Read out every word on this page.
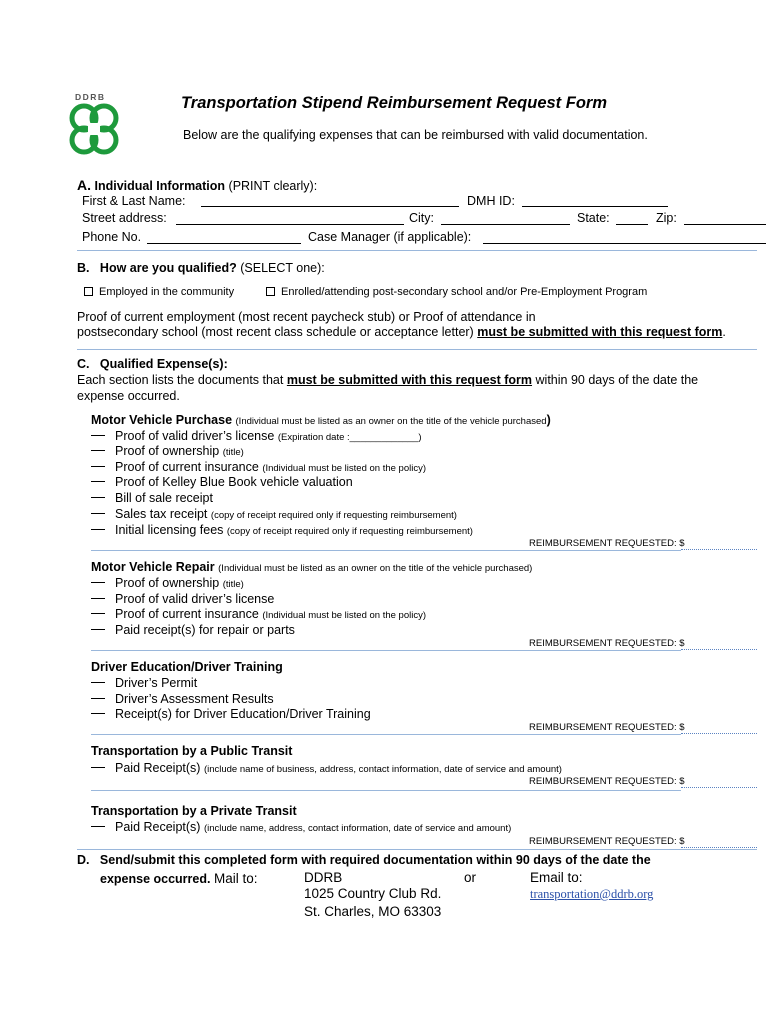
DDRB	Transportation Stipend Reimbursement Request Form
Below are the qualifying expenses that can be reimbursed with valid documentation.
A. Individual Information (PRINT clearly):
First & Last Name:	DMH ID:
Street address:	City:	State:	Zip:
Phone No.	Case Manager (if applicable):
B. How are you qualified? (SELECT one):
Employed in the community	Enrolled/attending post-secondary school and/or Pre-Employment Program
Proof of current employment (most recent paycheck stub) or Proof of attendance in
postsecondary school (most recent class schedule or acceptance letter) must be submitted with this request form.
C. Qualified Expense(s):
Each section lists the documents that must be submitted with this request form within 90 days of the date the
expense occurred.
Motor Vehicle Purchase (Individual must be listed as an owner on the title of the vehicle purchased)
Proof of valid driver’s license (Expiration date :_____________)
Proof of ownership (title)
Proof of current insurance (Individual must be listed on the policy)
Proof of Kelley Blue Book vehicle valuation
Bill of sale receipt
Sales tax receipt (copy of receipt required only if requesting reimbursement)
Initial licensing fees (copy of receipt required only if requesting reimbursement)
REIMBURSEMENT REQUESTED: $
Motor Vehicle Repair (Individual must be listed as an owner on the title of the vehicle purchased)
Proof of ownership (title)
Proof of valid driver’s license
Proof of current insurance (Individual must be listed on the policy)
Paid receipt(s) for repair or parts
REIMBURSEMENT REQUESTED: $
Driver Education/Driver Training
Driver’s Permit
Driver’s Assessment Results
Receipt(s) for Driver Education/Driver Training
REIMBURSEMENT REQUESTED: $
Transportation by a Public Transit
Paid Receipt(s) (include name of business, address, contact information, date of service and amount)
REIMBURSEMENT REQUESTED: $
Transportation by a Private Transit
Paid Receipt(s) (include name, address, contact information, date of service and amount)
REIMBURSEMENT REQUESTED: $
D. Send/submit this completed form with required documentation within 90 days of the date the
expense occurred. Mail to:	DDRB
1025 Country Club Rd.
St. Charles, MO 63303
or	Email to:
transportation@ddrb.org
